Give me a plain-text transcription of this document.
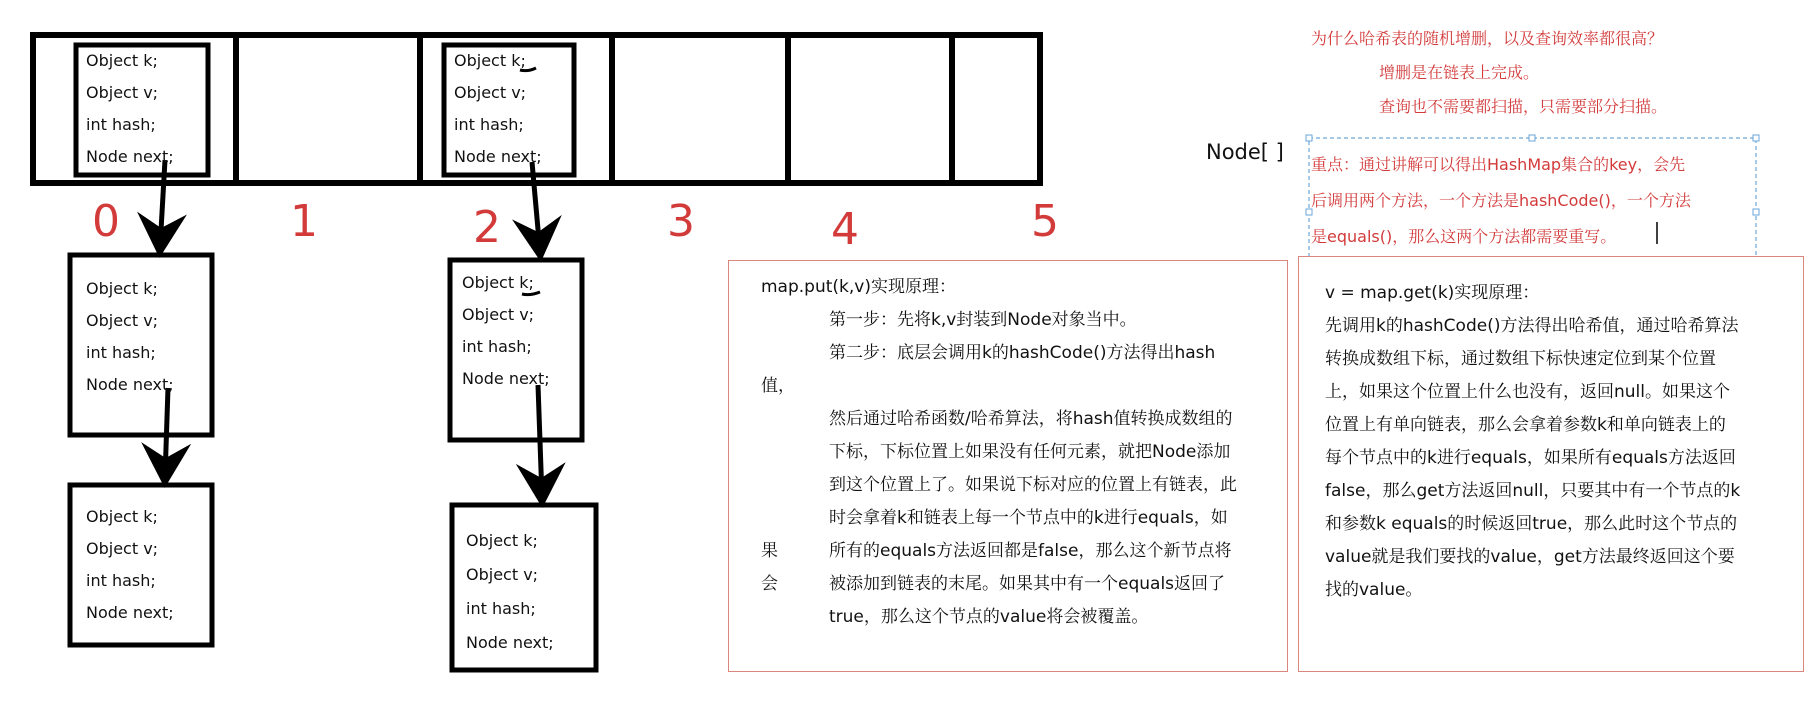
Object k;
Object v;
int hash;
Node next;
Object k;
Object v;
int hash;
Node next;
Object k;
Object v;
int hash;
Node next;
Object k;
Object v;
int hash;
Node next;
Object k;
Object v;
int hash;
Node next;
Object k;
Object v;
int hash;
Node next;
0	1	2	3	4	5
Node[ ]
为什么哈希表的随机增删，以及查询效率都很高？
增删是在链表上完成。
查询也不需要都扫描，只需要部分扫描。
重点：通过讲解可以得出HashMap集合的key，会先
后调用两个方法，一个方法是hashCode()，一个方法
是equals()，那么这两个方法都需要重写。
map.put(k,v)实现原理：
第一步：先将k,v封装到Node对象当中。
第二步：底层会调用k的hashCode()方法得出hash
值，
然后通过哈希函数/哈希算法，将hash值转换成数组的
下标，下标位置上如果没有任何元素，就把Node添加
到这个位置上了。如果说下标对应的位置上有链表，此
时会拿着k和链表上每一个节点中的k进行equals，如
果	所有的equals方法返回都是false，那么这个新节点将
会	被添加到链表的末尾。如果其中有一个equals返回了
true，那么这个节点的value将会被覆盖。
v = map.get(k)实现原理：
先调用k的hashCode()方法得出哈希值，通过哈希算法
转换成数组下标，通过数组下标快速定位到某个位置
上，如果这个位置上什么也没有，返回null。如果这个
位置上有单向链表，那么会拿着参数k和单向链表上的
每个节点中的k进行equals，如果所有equals方法返回
false，那么get方法返回null，只要其中有一个节点的k
和参数k equals的时候返回true，那么此时这个节点的
value就是我们要找的value，get方法最终返回这个要
找的value。
